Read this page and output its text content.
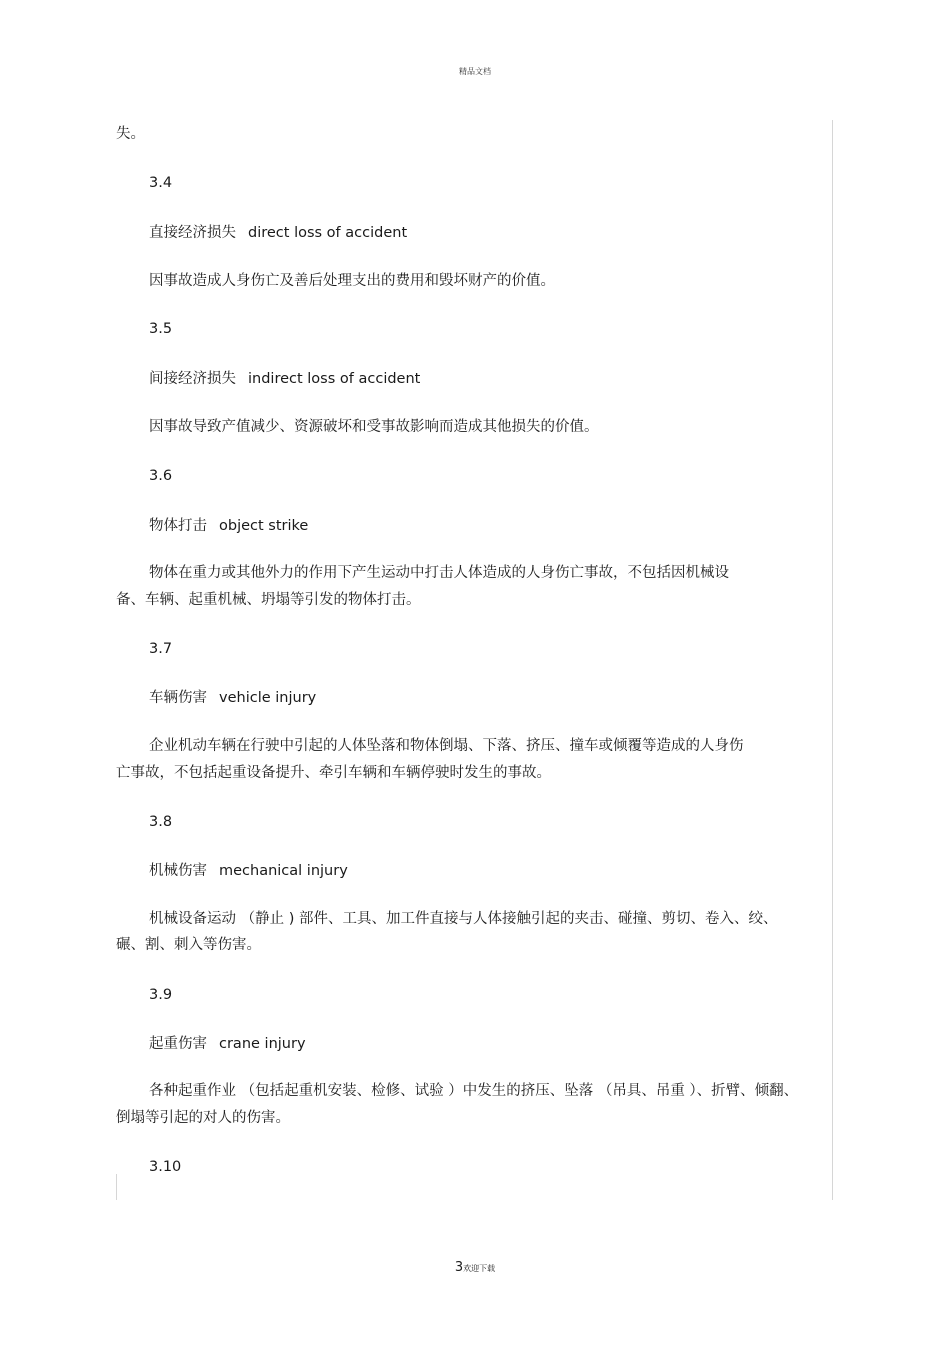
精品文档
失。
3.4
直接经济损失 direct loss of accident
因事故造成人身伤亡及善后处理支出的费用和毁坏财产的价值。
3.5
间接经济损失 indirect loss of accident
因事故导致产值减少、资源破坏和受事故影响而造成其他损失的价值。
3.6
物体打击 object strike
物体在重力或其他外力的作用下产生运动中打击人体造成的人身伤亡事故，不包括因机械设
备、车辆、起重机械、坍塌等引发的物体打击。
3.7
车辆伤害 vehicle injury
企业机动车辆在行驶中引起的人体坠落和物体倒塌、下落、挤压、撞车或倾覆等造成的人身伤
亡事故，不包括起重设备提升、牵引车辆和车辆停驶时发生的事故。
3.8
机械伤害 mechanical injury
机械设备运动 （静止 ) 部件、工具、加工件直接与人体接触引起的夹击、碰撞、剪切、卷入、绞、
碾、割、刺入等伤害。
3.9
起重伤害 crane injury
各种起重作业 （包括起重机安装、检修、试验 ）中发生的挤压、坠落 （吊具、吊重 ）、折臂、倾翻、
倒塌等引起的对人的伤害。
3.10
3欢迎下载
